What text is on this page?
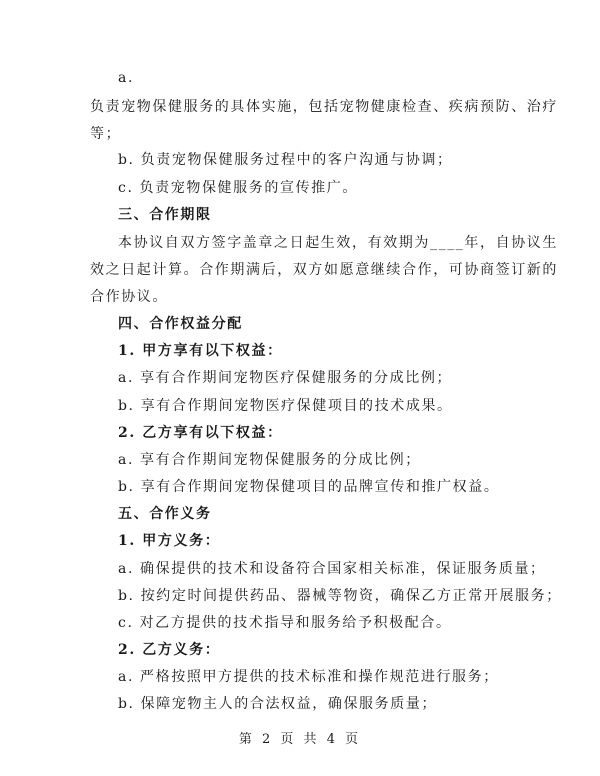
a.
负责宠物保健服务的具体实施，包括宠物健康检查、疾病预防、治疗
等；
b. 负责宠物保健服务过程中的客户沟通与协调；
c. 负责宠物保健服务的宣传推广。
三、合作期限
本协议自双方签字盖章之日起生效，有效期为____年，自协议生
效之日起计算。合作期满后，双方如愿意继续合作，可协商签订新的
合作协议。
四、合作权益分配
1. 甲方享有以下权益：
a. 享有合作期间宠物医疗保健服务的分成比例；
b. 享有合作期间宠物医疗保健项目的技术成果。
2. 乙方享有以下权益：
a. 享有合作期间宠物保健服务的分成比例；
b. 享有合作期间宠物保健项目的品牌宣传和推广权益。
五、合作义务
1. 甲方义务：
a. 确保提供的技术和设备符合国家相关标准，保证服务质量；
b. 按约定时间提供药品、器械等物资，确保乙方正常开展服务；
c. 对乙方提供的技术指导和服务给予积极配合。
2. 乙方义务：
a. 严格按照甲方提供的技术标准和操作规范进行服务；
b. 保障宠物主人的合法权益，确保服务质量；
第 2 页 共 4 页
